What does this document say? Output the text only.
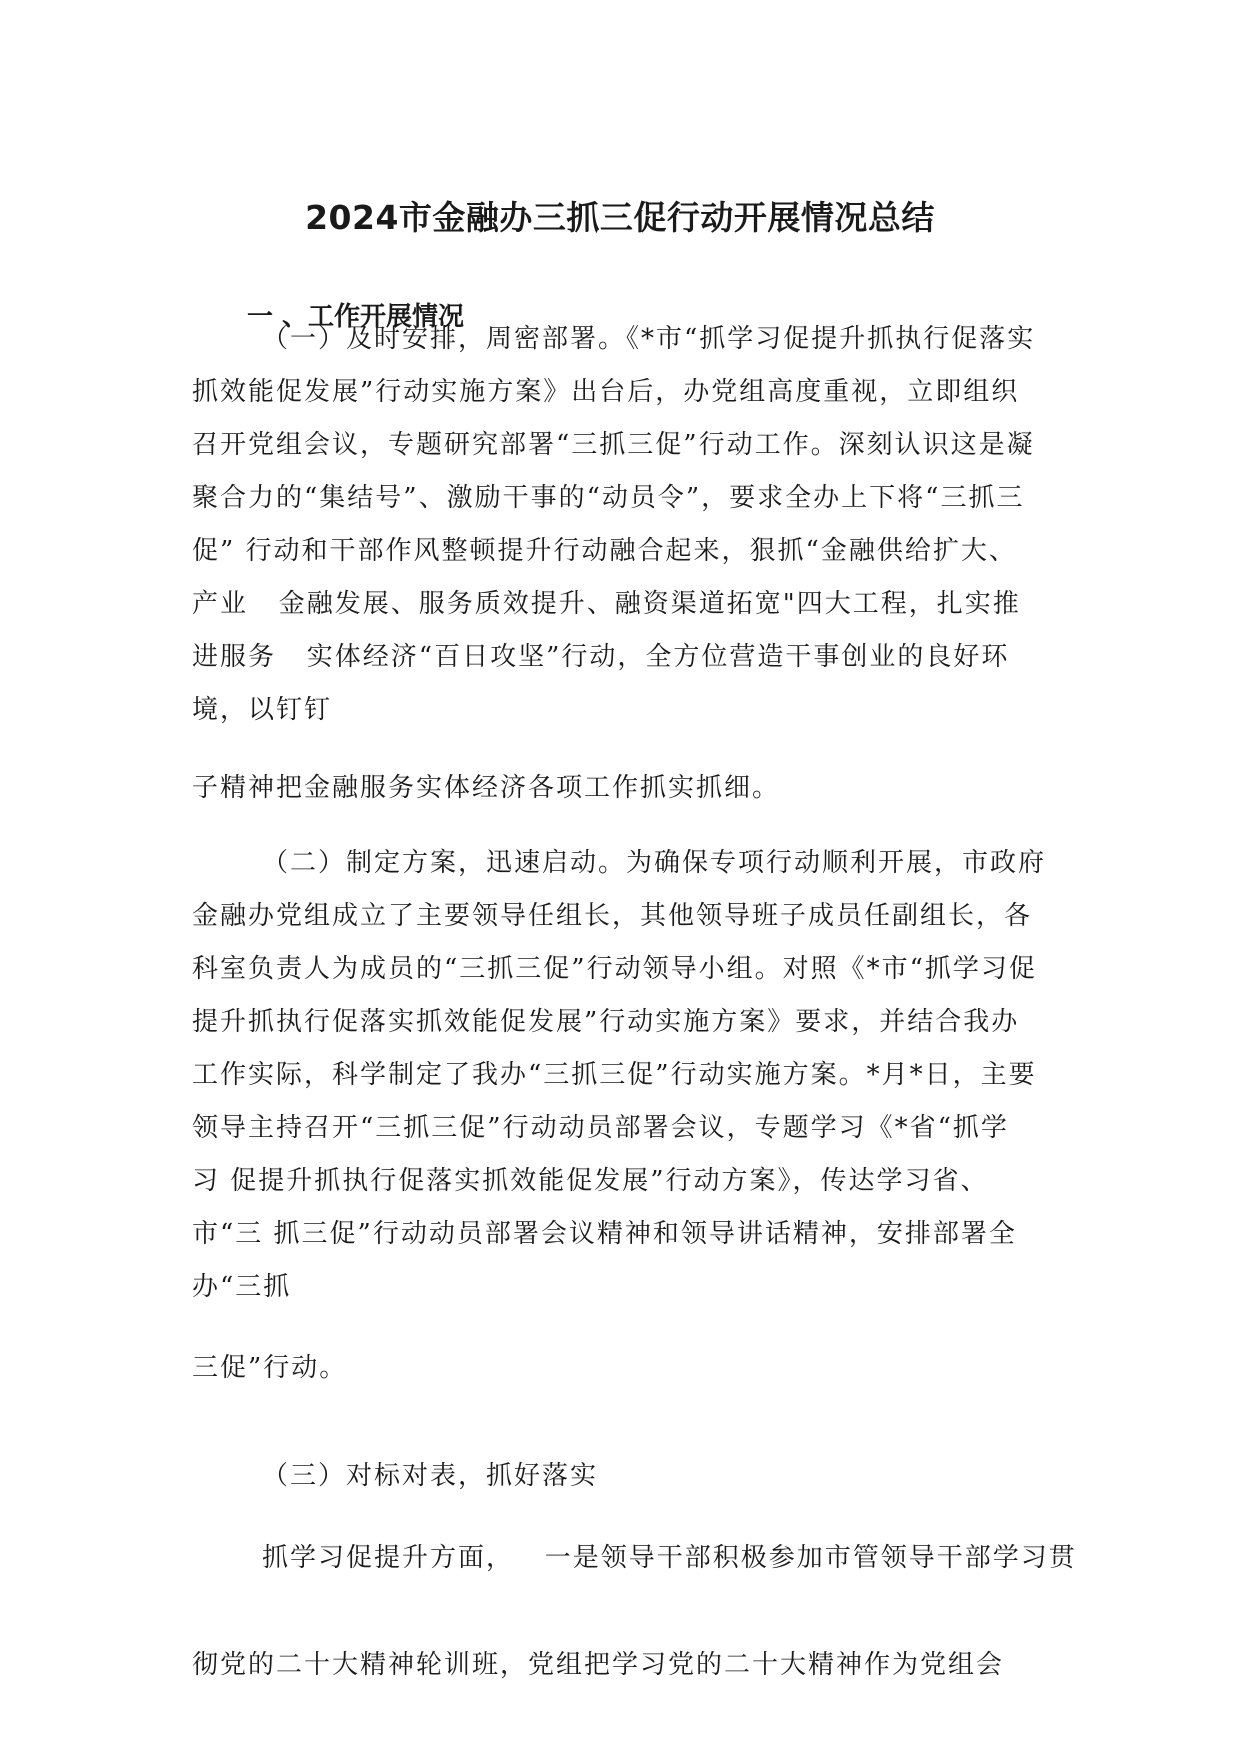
2024市金融办三抓三促行动开展情况总结
一 、工作开展情况
（一）及时安排，周密部署。《*市“抓学习促提升抓执行促落实
抓效能促发展”行动实施方案》出台后，办党组高度重视，立即组织
召开党组会议，专题研究部署“三抓三促”行动工作。深刻认识这是凝
聚合力的“集结号”、激励干事的“动员令”，要求全办上下将“三抓三
促” 行动和干部作风整顿提升行动融合起来，狠抓“金融供给扩大、
产业   金融发展、服务质效提升、融资渠道拓宽"四大工程，扎实推
进服务   实体经济“百日攻坚”行动，全方位营造干事创业的良好环
境，以钉钉
子精神把金融服务实体经济各项工作抓实抓细。
（二）制定方案，迅速启动。为确保专项行动顺利开展，市政府
金融办党组成立了主要领导任组长，其他领导班子成员任副组长，各
科室负责人为成员的“三抓三促”行动领导小组。对照《*市“抓学习促
提升抓执行促落实抓效能促发展”行动实施方案》要求，并结合我办
工作实际，科学制定了我办“三抓三促”行动实施方案。*月*日，主要
领导主持召开“三抓三促”行动动员部署会议，专题学习《*省“抓学
习 促提升抓执行促落实抓效能促发展”行动方案》，传达学习省、
市“三 抓三促”行动动员部署会议精神和领导讲话精神，安排部署全
办“三抓
三促”行动。
（三）对标对表，抓好落实
抓学习促提升方面，   一是领导干部积极参加市管领导干部学习贯
彻党的二十大精神轮训班，党组把学习党的二十大精神作为党组会
